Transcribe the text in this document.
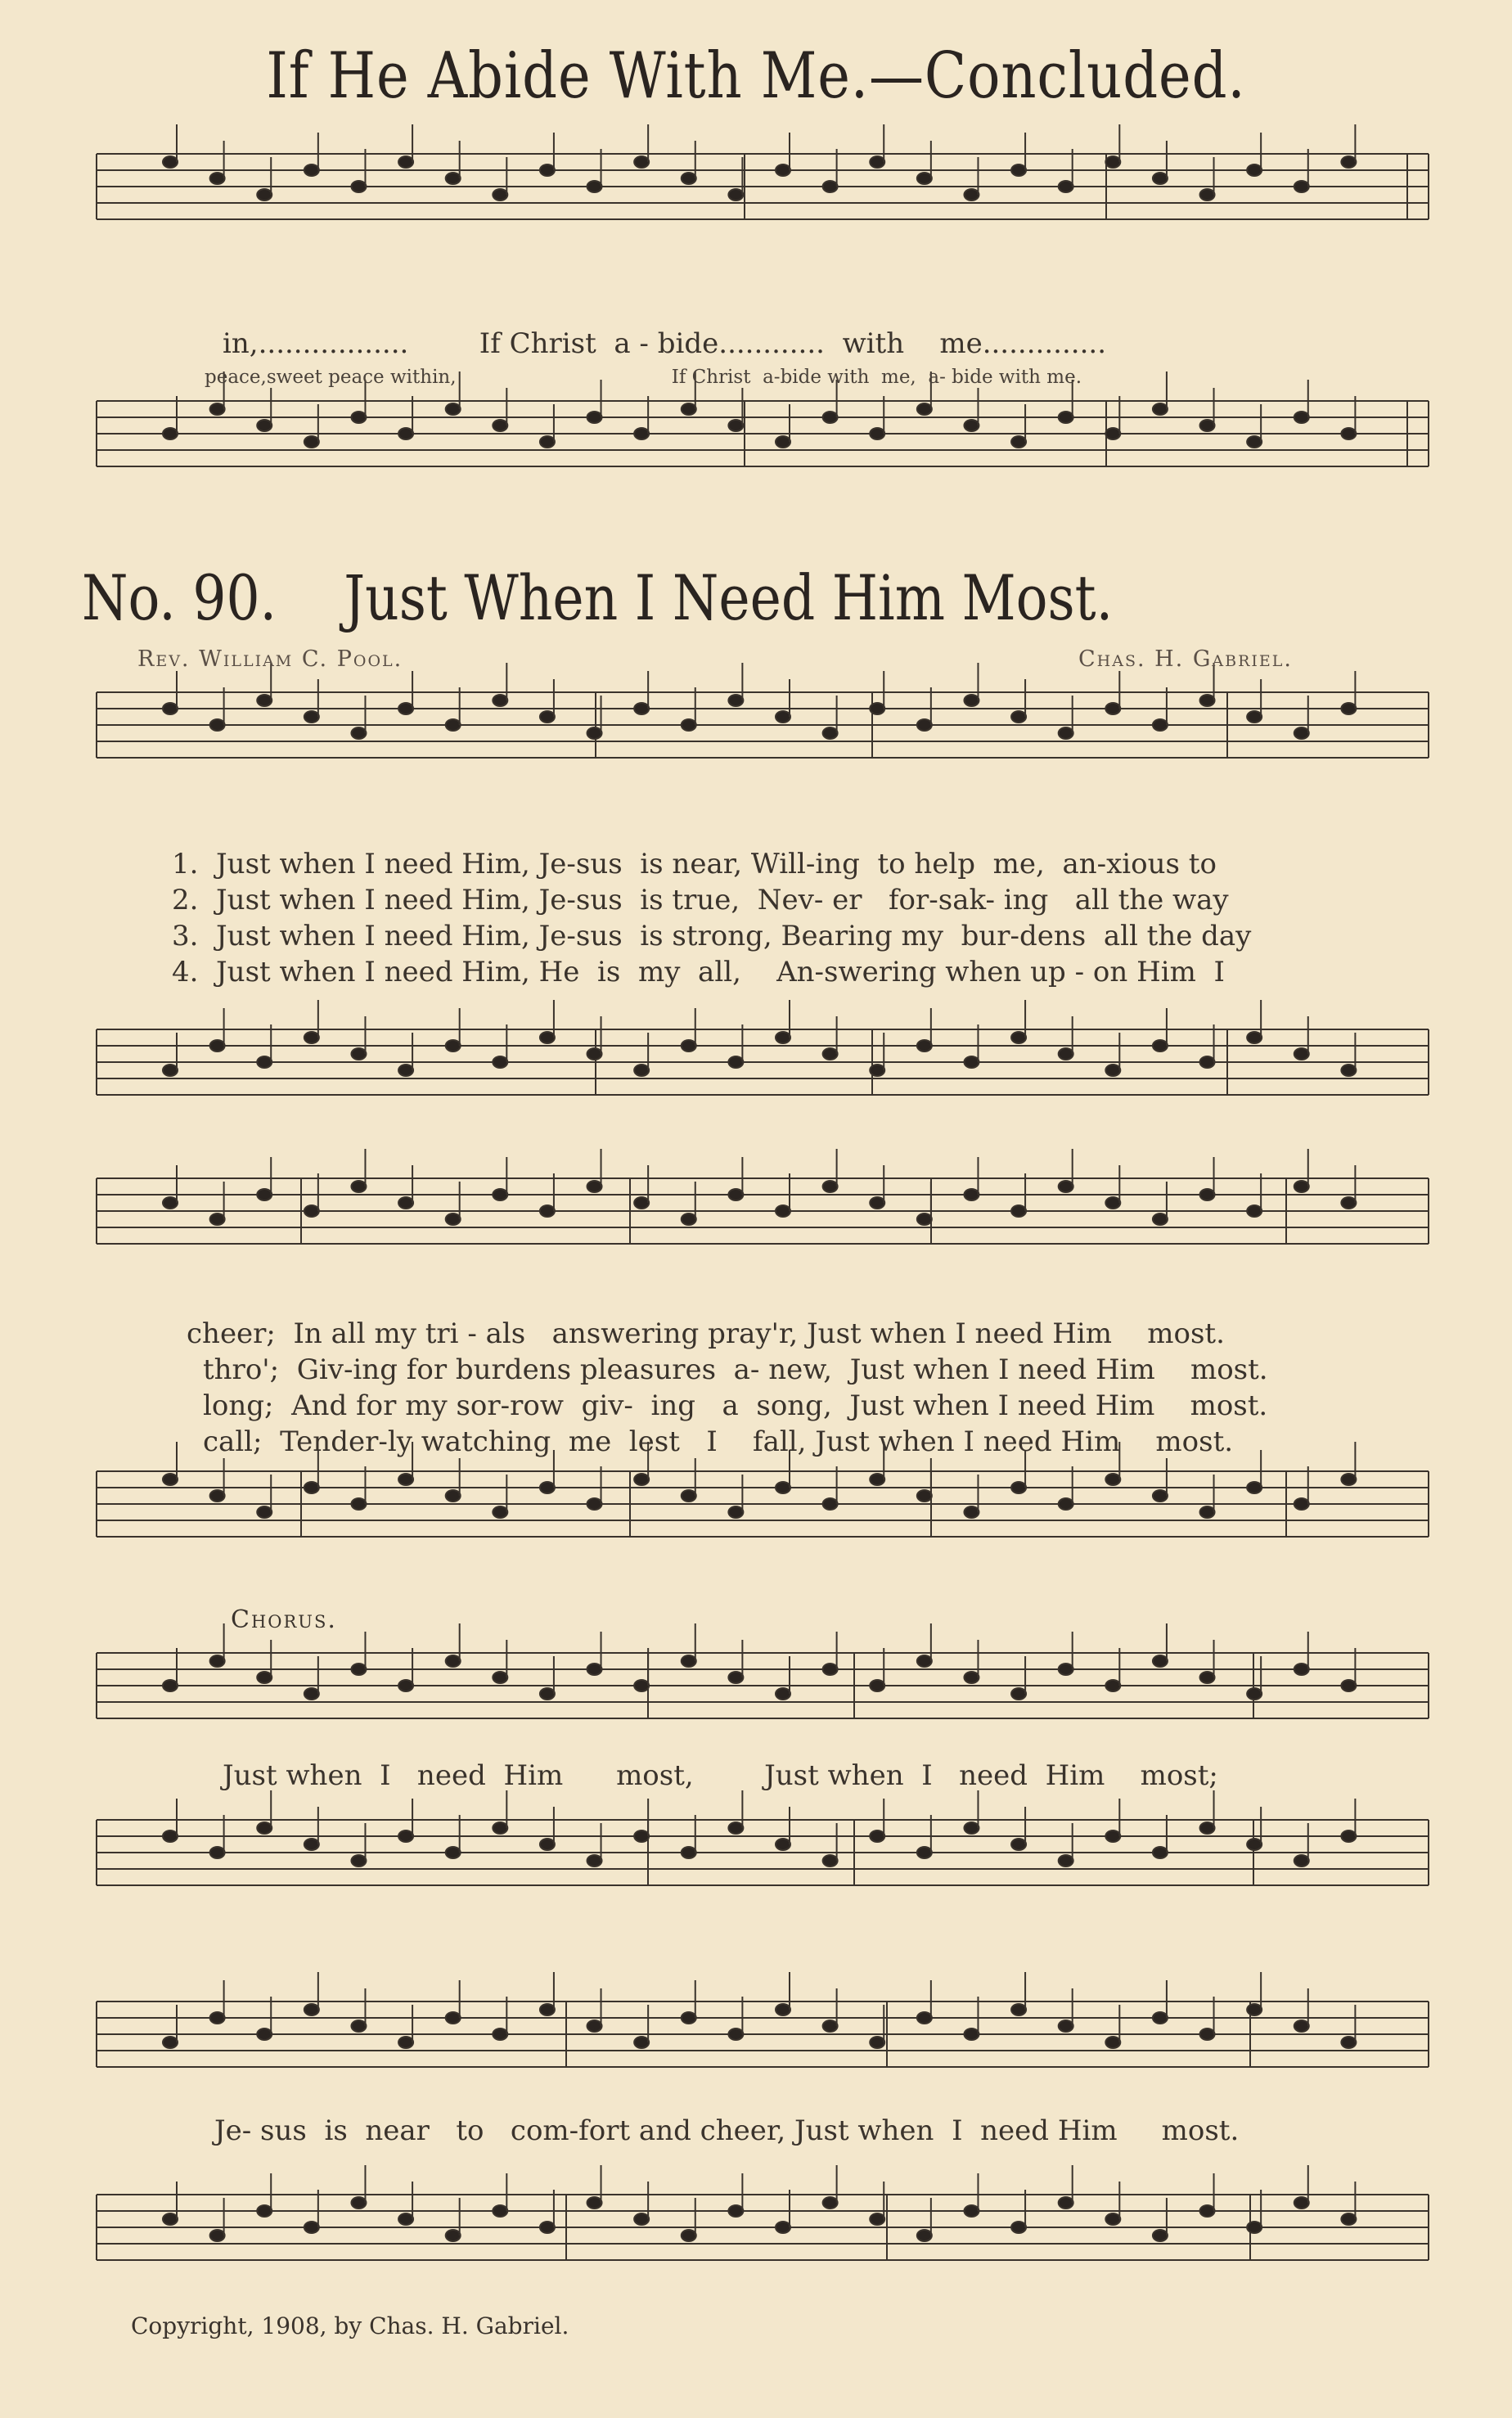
If He Abide With Me.—Concluded.
in,.................        If Christ  a - bide............  with    me..............
peace,sweet peace within,                                    If Christ  a-bide with  me,  a- bide with me.
No. 90. Just When I Need Him Most.
Rev. William C. Pool.	Chas. H. Gabriel.
1.  Just when I need Him, Je-sus  is near, Will-ing  to help  me,  an-xious to
2.  Just when I need Him, Je-sus  is true,  Nev- er   for-sak- ing   all the way
3.  Just when I need Him, Je-sus  is strong, Bearing my  bur-dens  all the day
4.  Just when I need Him, He  is  my  all,    An-swering when up - on Him  I
cheer;  In all my tri - als   answering pray'r, Just when I need Him    most.
thro';  Giv-ing for burdens pleasures  a- new,  Just when I need Him    most.
long;  And for my sor-row  giv-  ing   a  song,  Just when I need Him    most.
call;  Tender-ly watching  me  lest   I    fall, Just when I need Him    most.
Chorus.
Just when  I   need  Him      most,        Just when  I   need  Him    most;
Je- sus  is  near   to   com-fort and cheer, Just when  I  need Him     most.
Copyright, 1908, by Chas. H. Gabriel.
